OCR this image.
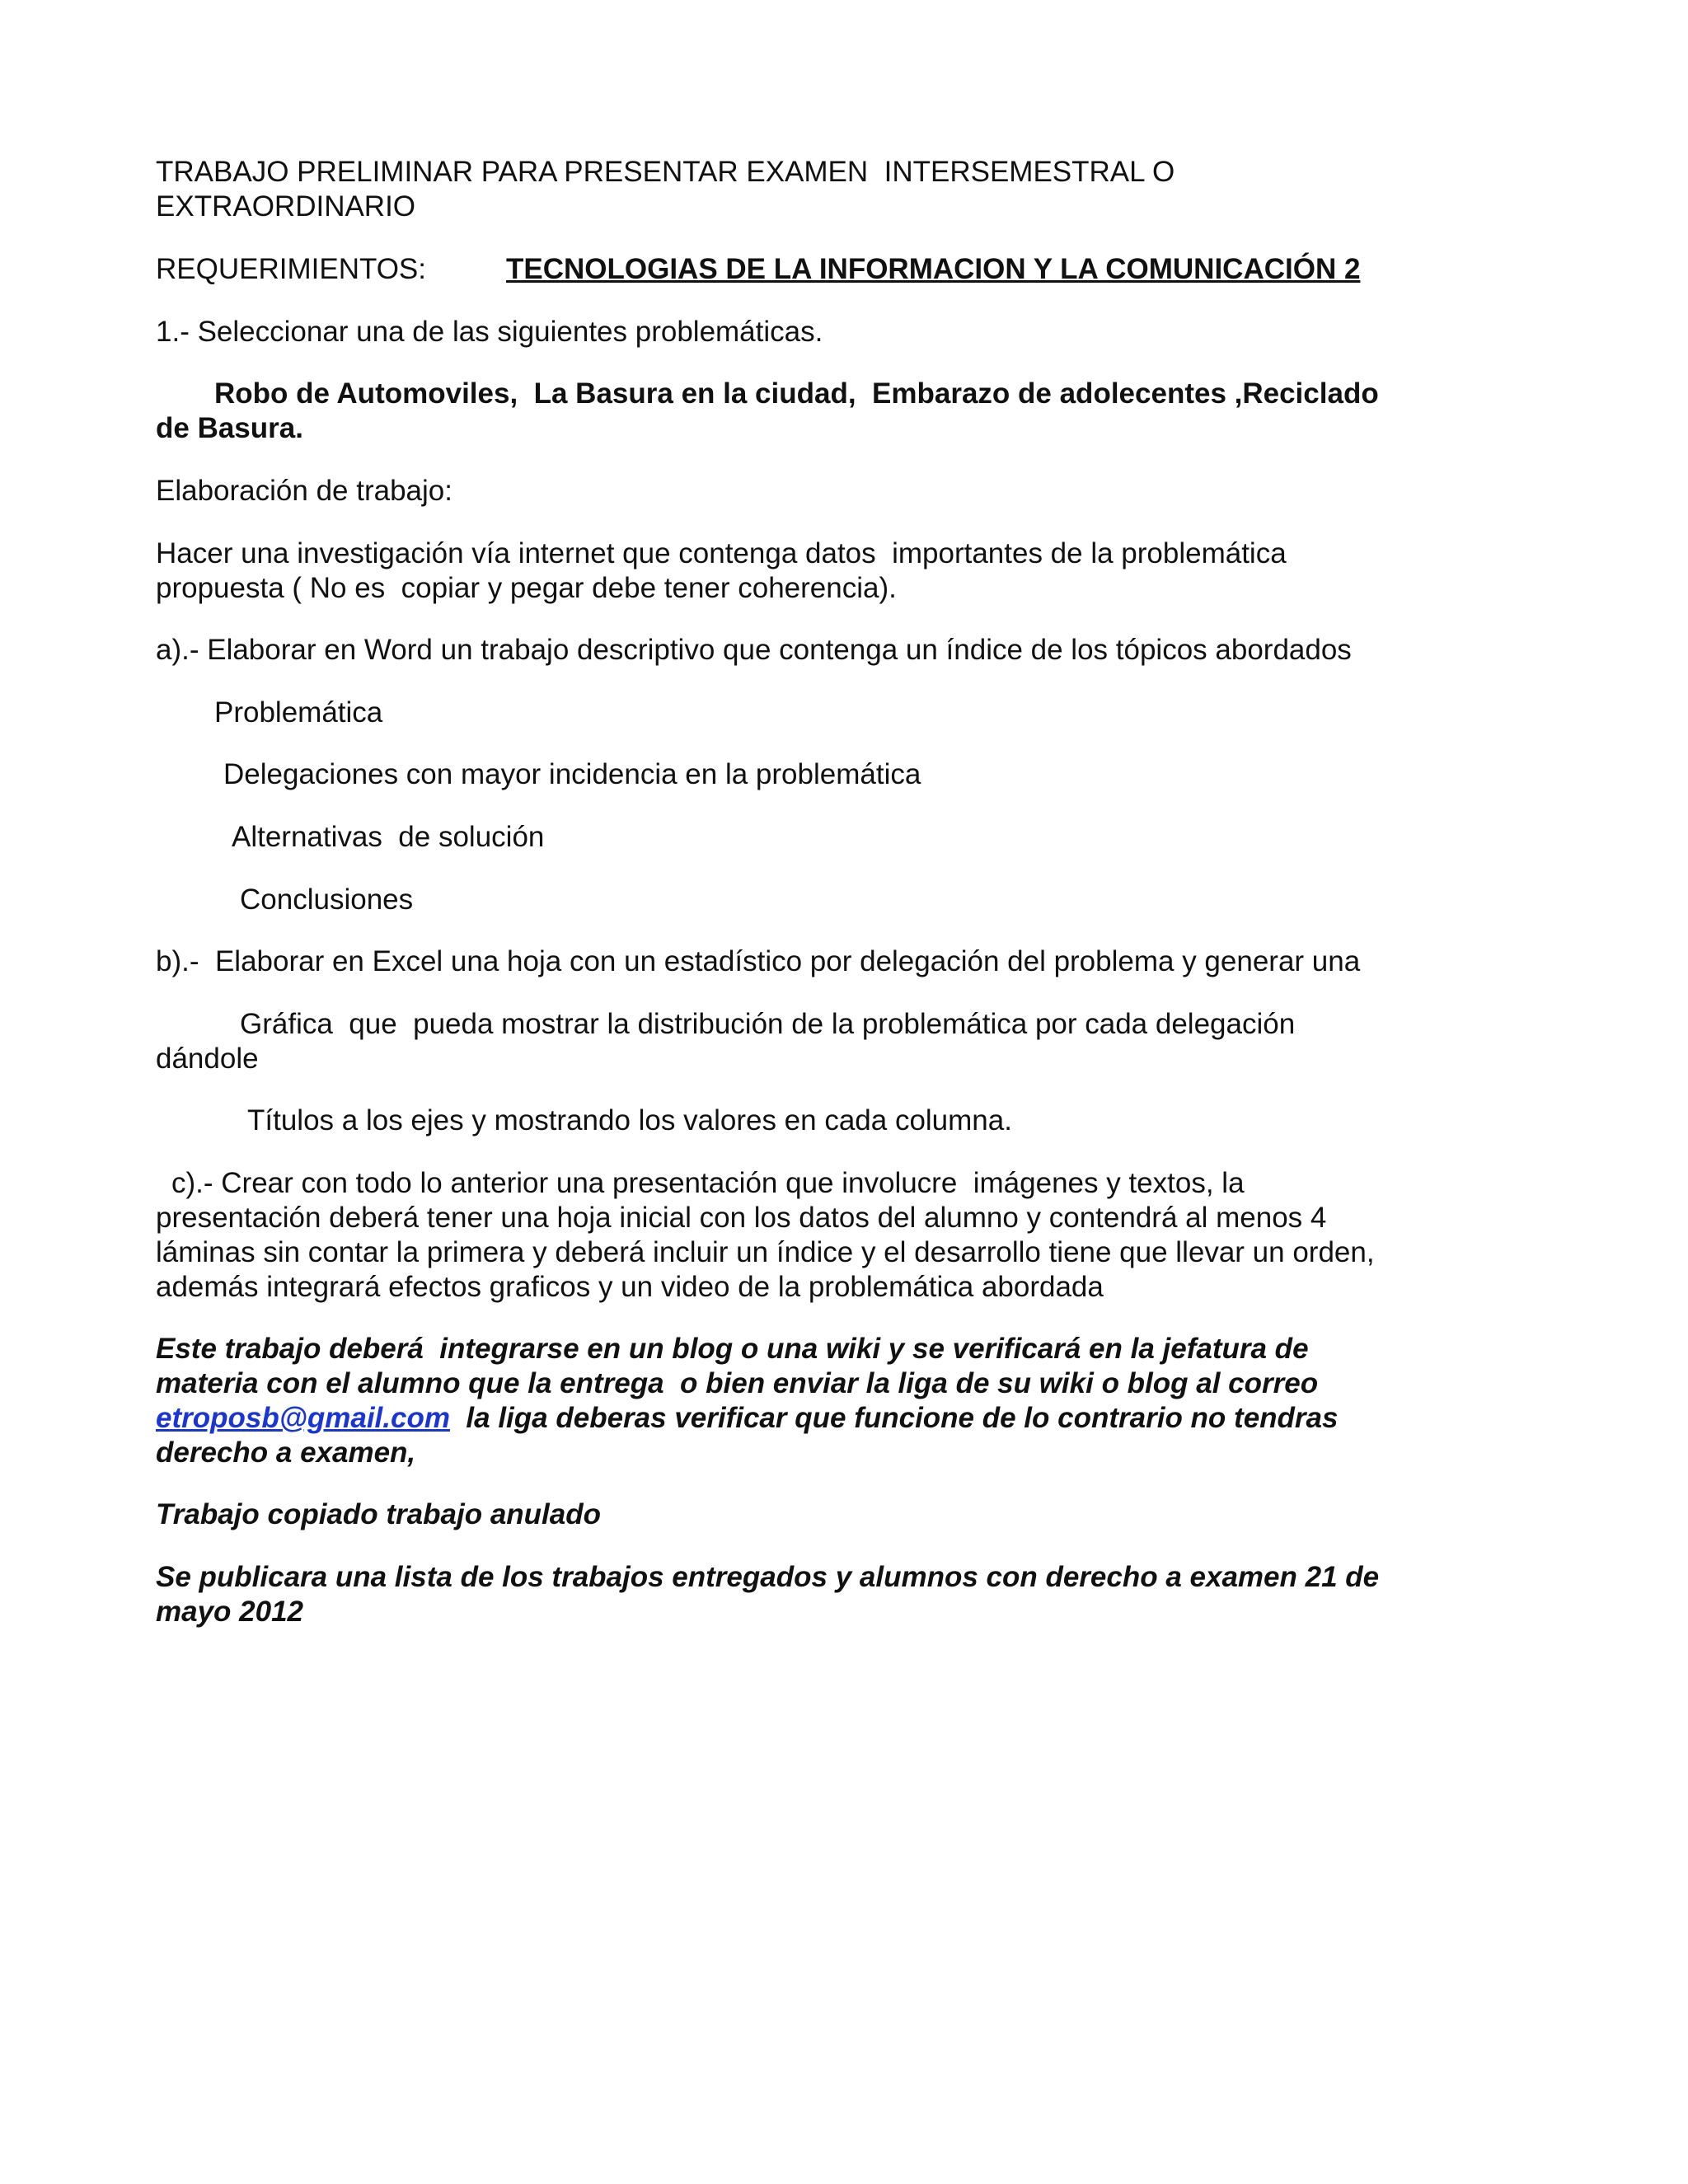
TRABAJO PRELIMINAR PARA PRESENTAR EXAMEN  INTERSEMESTRAL O

EXTRAORDINARIO

REQUERIMIENTOS:	TECNOLOGIAS DE LA INFORMACION Y LA COMUNICACIÓN 2

1.- Seleccionar una de las siguientes problemáticas.

Robo de Automoviles,  La Basura en la ciudad,  Embarazo de adolecentes ,Reciclado

de Basura.

Elaboración de trabajo:

Hacer una investigación vía internet que contenga datos  importantes de la problemática

propuesta ( No es  copiar y pegar debe tener coherencia).

a).- Elaborar en Word un trabajo descriptivo que contenga un índice de los tópicos abordados

Problemática

Delegaciones con mayor incidencia en la problemática

Alternativas  de solución

Conclusiones

b).-  Elaborar en Excel una hoja con un estadístico por delegación del problema y generar una

Gráfica  que  pueda mostrar la distribución de la problemática por cada delegación

dándole

Títulos a los ejes y mostrando los valores en cada columna.

c).- Crear con todo lo anterior una presentación que involucre  imágenes y textos, la

presentación deberá tener una hoja inicial con los datos del alumno y contendrá al menos 4

láminas sin contar la primera y deberá incluir un índice y el desarrollo tiene que llevar un orden,

además integrará efectos graficos y un video de la problemática abordada

Este trabajo deberá  integrarse en un blog o una wiki y se verificará en la jefatura de

materia con el alumno que la entrega  o bien enviar la liga de su wiki o blog al correo

etroposb@gmail.com  la liga deberas verificar que funcione de lo contrario no tendras

derecho a examen,

Trabajo copiado trabajo anulado

Se publicara una lista de los trabajos entregados y alumnos con derecho a examen 21 de

mayo 2012
